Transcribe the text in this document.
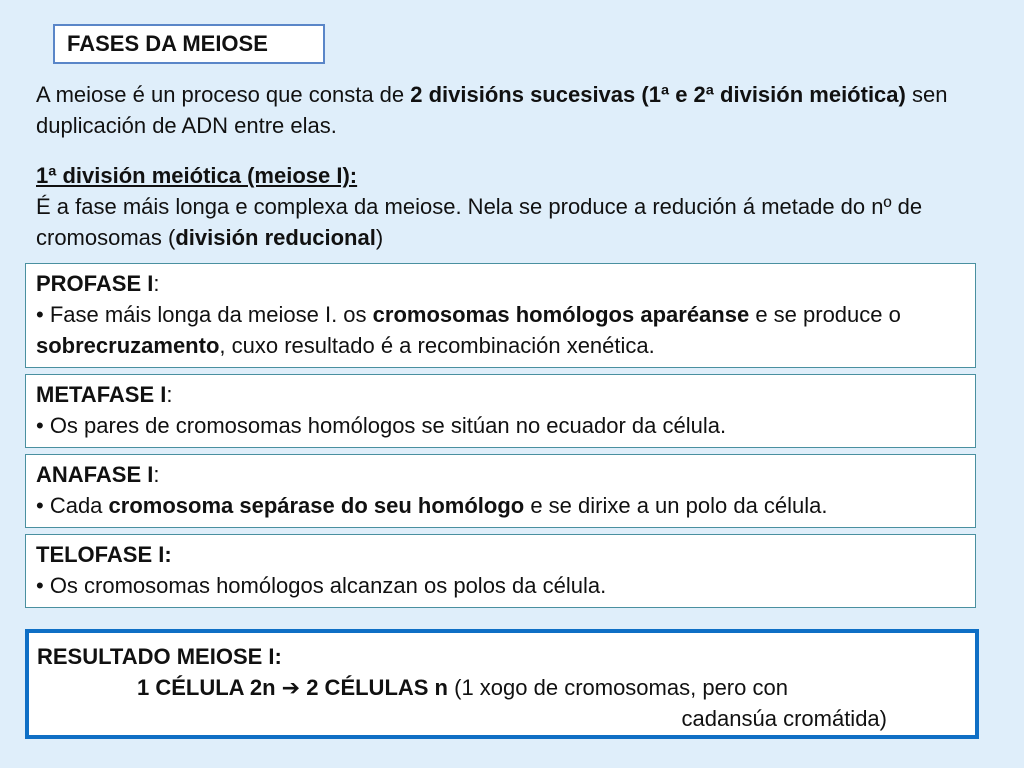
FASES DA MEIOSE
A meiose é un proceso que consta de 2 divisións sucesivas (1ª e 2ª división meiótica) sen duplicación de ADN entre elas.
1ª división meiótica (meiose I):
É a fase máis longa e complexa da meiose. Nela se produce a redución á metade do nº de cromosomas (división reducional)
PROFASE I:
• Fase máis longa da meiose I. os cromosomas homólogos aparéanse e se produce o sobrecruzamento, cuxo resultado é a recombinación xenética.
METAFASE I:
• Os pares de cromosomas homólogos se sitúan no ecuador da célula.
ANAFASE I:
• Cada cromosoma sepárase do seu homólogo e se dirixe a un polo da célula.
TELOFASE I:
• Os cromosomas homólogos alcanzan os polos da célula.
RESULTADO MEIOSE I:
1 CÉLULA 2n ➔ 2 CÉLULAS n (1 xogo de cromosomas, pero con
cadansúa cromátida)
